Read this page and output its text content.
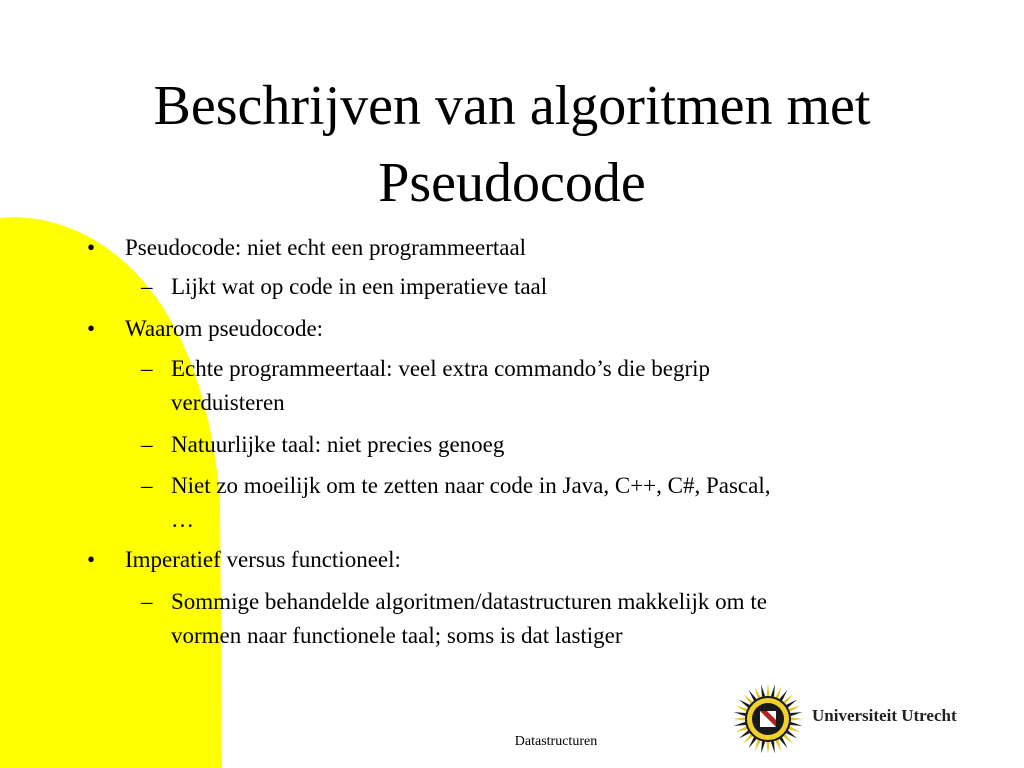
Beschrijven van algoritmen met
Pseudocode
• Pseudocode: niet echt een programmeertaal
– Lijkt wat op code in een imperatieve taal
• Waarom pseudocode:
– Echte programmeertaal: veel extra commando’s die begrip
verduisteren
– Natuurlijke taal: niet precies genoeg
– Niet zo moeilijk om te zetten naar code in Java, C++, C#, Pascal,
…
• Imperatief versus functioneel:
– Sommige behandelde algoritmen/datastructuren makkelijk om te
vormen naar functionele taal; soms is dat lastiger
Datastructuren
Universiteit Utrecht
